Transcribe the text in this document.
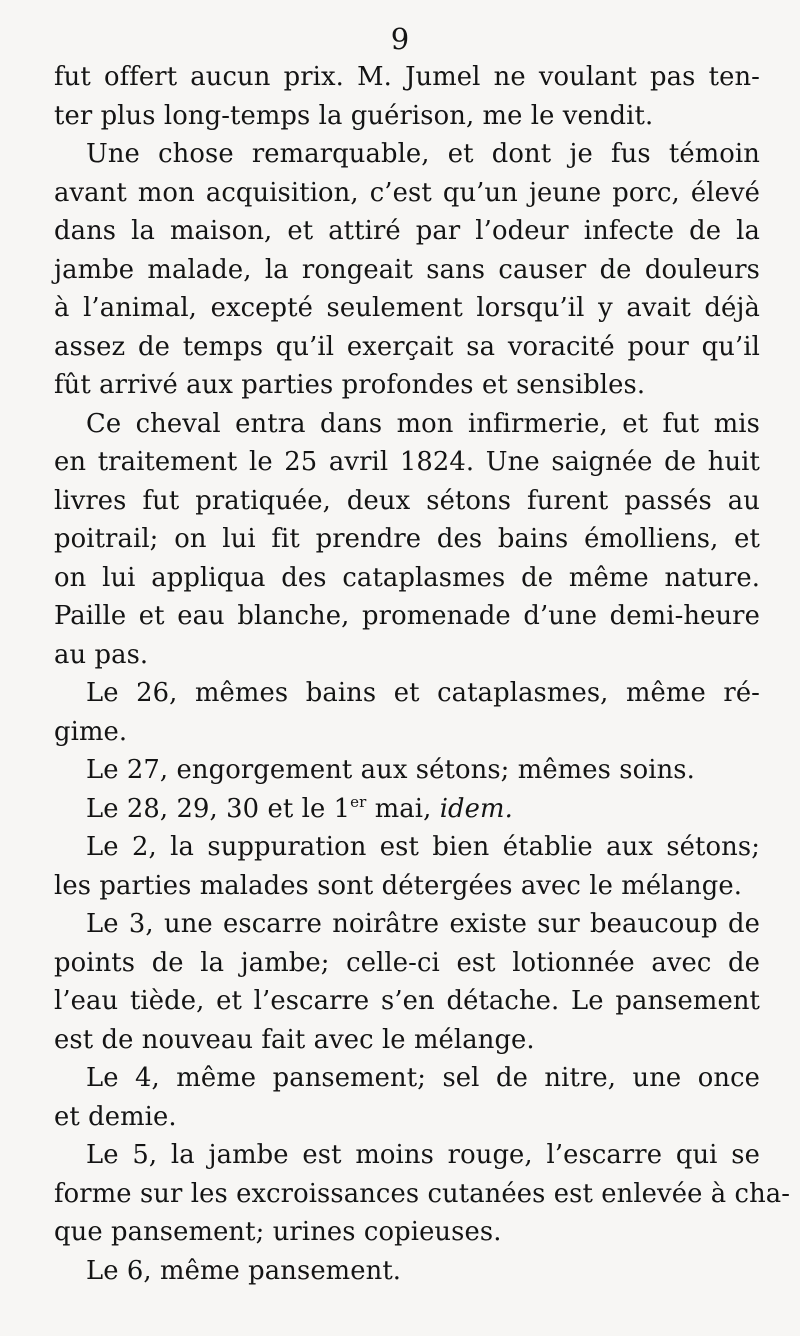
9
fut offert aucun prix. M. Jumel ne voulant pas ten-
ter plus long-temps la guérison, me le vendit.
Une chose remarquable, et dont je fus témoin
avant mon acquisition, c’est qu’un jeune porc, élevé
dans la maison, et attiré par l’odeur infecte de la
jambe malade, la rongeait sans causer de douleurs
à l’animal, excepté seulement lorsqu’il y avait déjà
assez de temps qu’il exerçait sa voracité pour qu’il
fût arrivé aux parties profondes et sensibles.
Ce cheval entra dans mon infirmerie, et fut mis
en traitement le 25 avril 1824. Une saignée de huit
livres fut pratiquée, deux sétons furent passés au
poitrail; on lui fit prendre des bains émolliens, et
on lui appliqua des cataplasmes de même nature.
Paille et eau blanche, promenade d’une demi-heure
au pas.
Le 26, mêmes bains et cataplasmes, même ré-
gime.
Le 27, engorgement aux sétons; mêmes soins.
Le 28, 29, 30 et le 1er mai, idem.
Le 2, la suppuration est bien établie aux sétons;
les parties malades sont détergées avec le mélange.
Le 3, une escarre noirâtre existe sur beaucoup de
points de la jambe; celle-ci est lotionnée avec de
l’eau tiède, et l’escarre s’en détache. Le pansement
est de nouveau fait avec le mélange.
Le 4, même pansement; sel de nitre, une once
et demie.
Le 5, la jambe est moins rouge, l’escarre qui se
forme sur les excroissances cutanées est enlevée à cha-
que pansement; urines copieuses.
Le 6, même pansement.
